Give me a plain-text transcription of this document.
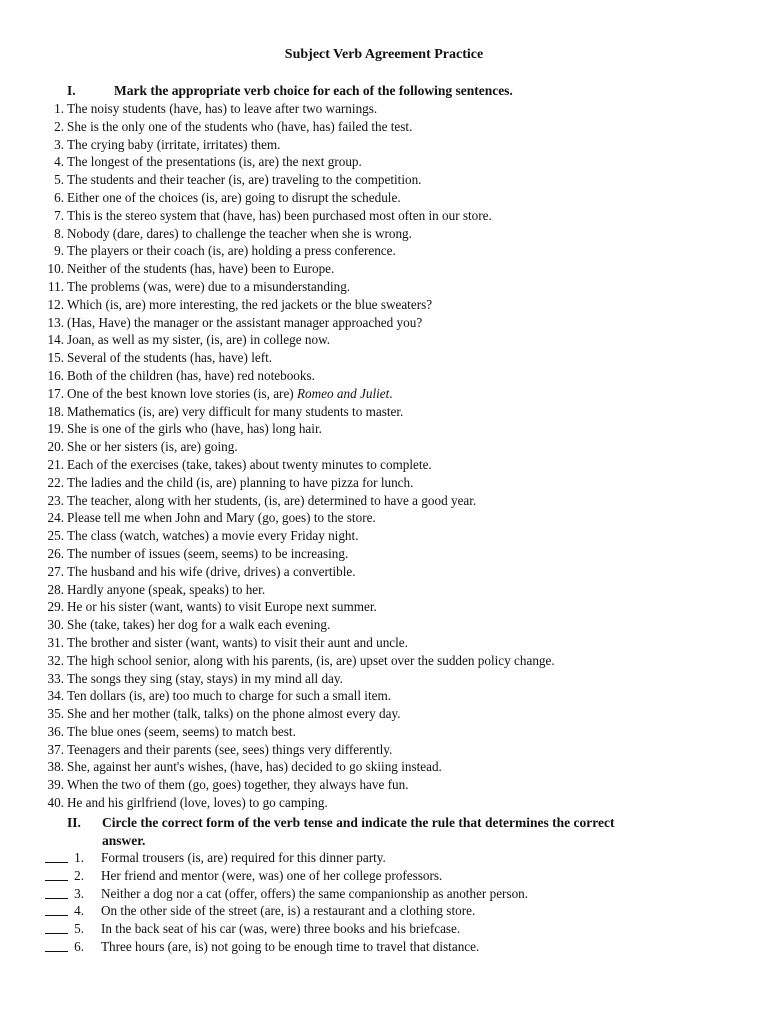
Subject Verb Agreement Practice
I.	Mark the appropriate verb choice for each of the following sentences.
1. The noisy students (have, has) to leave after two warnings.
2. She is the only one of the students who (have, has) failed the test.
3. The crying baby (irritate, irritates) them.
4. The longest of the presentations (is, are) the next group.
5. The students and their teacher (is, are) traveling to the competition.
6. Either one of the choices (is, are) going to disrupt the schedule.
7. This is the stereo system that (have, has) been purchased most often in our store.
8. Nobody (dare, dares) to challenge the teacher when she is wrong.
9. The players or their coach (is, are) holding a press conference.
10. Neither of the students (has, have) been to Europe.
11. The problems (was, were) due to a misunderstanding.
12. Which (is, are) more interesting, the red jackets or the blue sweaters?
13. (Has, Have) the manager or the assistant manager approached you?
14. Joan, as well as my sister, (is, are) in college now.
15. Several of the students (has, have) left.
16. Both of the children (has, have) red notebooks.
17. One of the best known love stories (is, are) Romeo and Juliet.
18. Mathematics (is, are) very difficult for many students to master.
19. She is one of the girls who (have, has) long hair.
20. She or her sisters (is, are) going.
21. Each of the exercises (take, takes) about twenty minutes to complete.
22. The ladies and the child (is, are) planning to have pizza for lunch.
23. The teacher, along with her students, (is, are) determined to have a good year.
24. Please tell me when John and Mary (go, goes) to the store.
25. The class (watch, watches) a movie every Friday night.
26. The number of issues (seem, seems) to be increasing.
27. The husband and his wife (drive, drives) a convertible.
28. Hardly anyone (speak, speaks) to her.
29. He or his sister (want, wants) to visit Europe next summer.
30. She (take, takes) her dog for a walk each evening.
31. The brother and sister (want, wants) to visit their aunt and uncle.
32. The high school senior, along with his parents, (is, are) upset over the sudden policy change.
33. The songs they sing (stay, stays) in my mind all day.
34. Ten dollars (is, are) too much to charge for such a small item.
35. She and her mother (talk, talks) on the phone almost every day.
36. The blue ones (seem, seems) to match best.
37. Teenagers and their parents (see, sees) things very differently.
38. She, against her aunt's wishes, (have, has) decided to go skiing instead.
39. When the two of them (go, goes) together, they always have fun.
40. He and his girlfriend (love, loves) to go camping.
II. Circle the correct form of the verb tense and indicate the rule that determines the correct
answer.
1. Formal trousers (is, are) required for this dinner party.
2. Her friend and mentor (were, was) one of her college professors.
3. Neither a dog nor a cat (offer, offers) the same companionship as another person.
4. On the other side of the street (are, is) a restaurant and a clothing store.
5. In the back seat of his car (was, were) three books and his briefcase.
6. Three hours (are, is) not going to be enough time to travel that distance.
